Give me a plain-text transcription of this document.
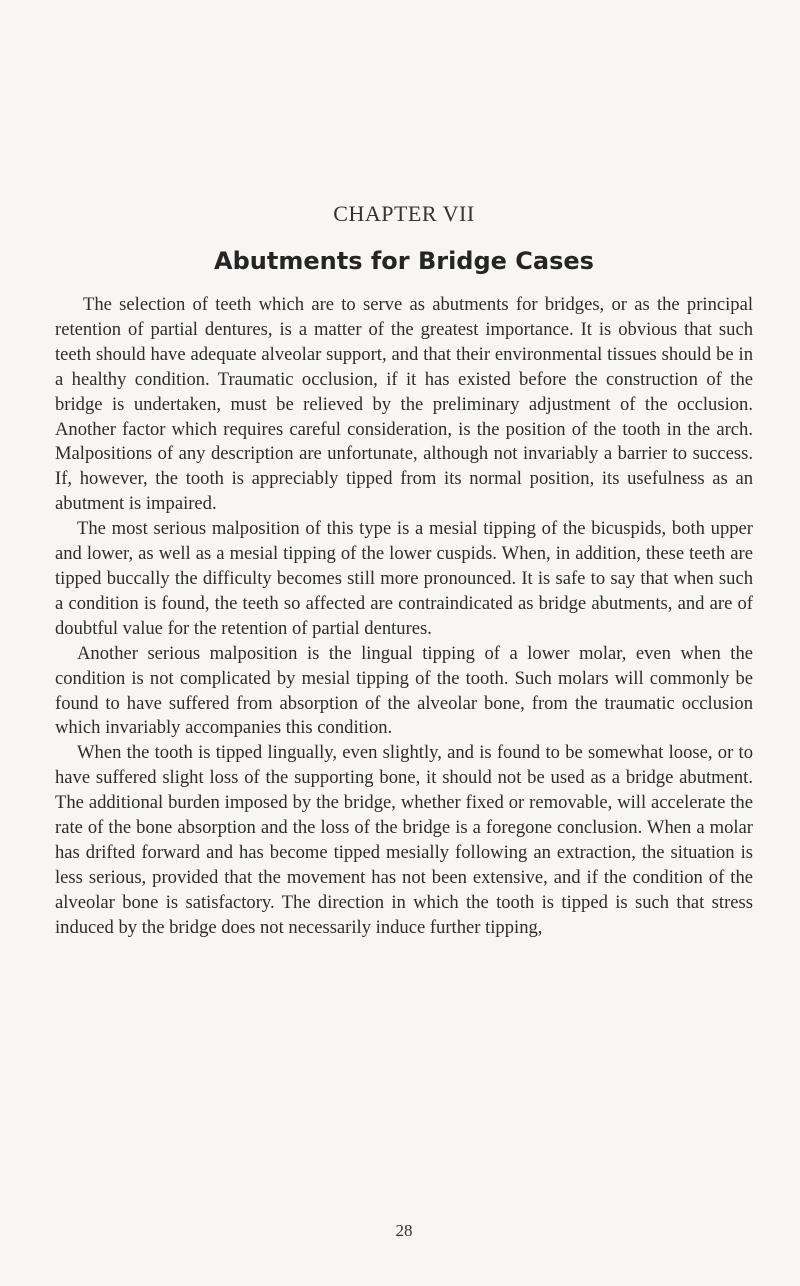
CHAPTER VII
Abutments for Bridge Cases

The selection of teeth which are to serve as abutments for bridges, or as the principal retention of partial dentures, is a matter of the greatest importance. It is obvious that such teeth should have adequate alveolar support, and that their environmental tissues should be in a healthy condition. Traumatic occlusion, if it has existed before the construction of the bridge is undertaken, must be relieved by the preliminary adjustment of the occlusion. Another factor which requires careful consideration, is the position of the tooth in the arch. Malpositions of any description are unfortunate, although not invariably a barrier to success. If, however, the tooth is appreciably tipped from its normal position, its usefulness as an abutment is impaired.

The most serious malposition of this type is a mesial tipping of the bicuspids, both upper and lower, as well as a mesial tipping of the lower cuspids. When, in addition, these teeth are tipped buccally the difficulty becomes still more pronounced. It is safe to say that when such a condition is found, the teeth so affected are contraindicated as bridge abutments, and are of doubtful value for the retention of partial dentures.

Another serious malposition is the lingual tipping of a lower molar, even when the condition is not complicated by mesial tipping of the tooth. Such molars will commonly be found to have suffered from absorption of the alveolar bone, from the traumatic occlusion which invariably accompanies this condition.

When the tooth is tipped lingually, even slightly, and is found to be somewhat loose, or to have suffered slight loss of the supporting bone, it should not be used as a bridge abutment. The additional burden imposed by the bridge, whether fixed or removable, will accelerate the rate of the bone absorption and the loss of the bridge is a foregone conclusion. When a molar has drifted forward and has become tipped mesially following an extraction, the situation is less serious, provided that the movement has not been extensive, and if the condition of the alveolar bone is satisfactory. The direction in which the tooth is tipped is such that stress induced by the bridge does not necessarily induce further tipping,

28
